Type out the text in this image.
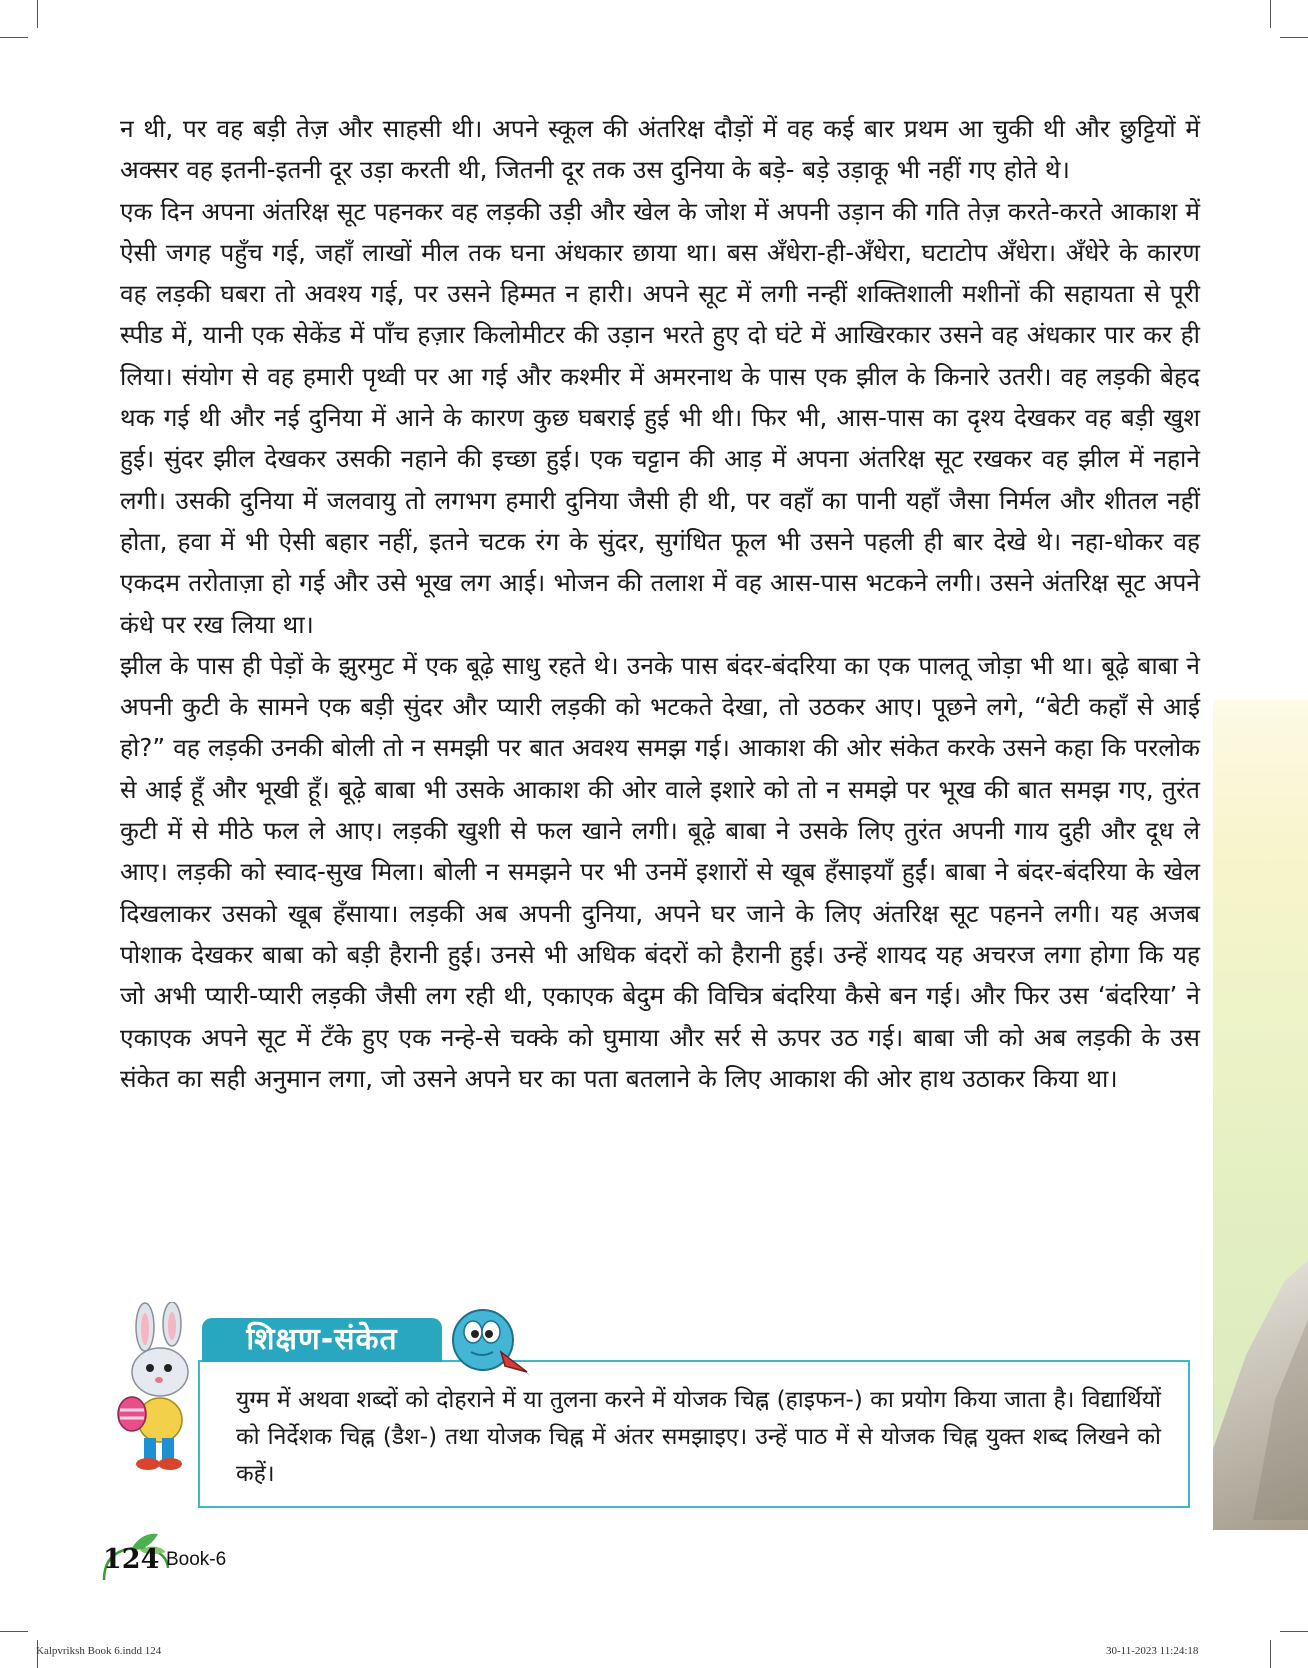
न थी, पर वह बड़ी तेज़ और साहसी थी। अपने स्कूल की अंतरिक्ष दौड़ों में वह कई बार प्रथम आ चुकी थी और छुट्टियों में अक्सर वह इतनी-इतनी दूर उड़ा करती थी, जितनी दूर तक उस दुनिया के बड़े- बड़े उड़ाकू भी नहीं गए होते थे।

एक दिन अपना अंतरिक्ष सूट पहनकर वह लड़की उड़ी और खेल के जोश में अपनी उड़ान की गति तेज़ करते-करते आकाश में ऐसी जगह पहुँच गई, जहाँ लाखों मील तक घना अंधकार छाया था। बस अँधेरा-ही-अँधेरा, घटाटोप अँधेरा। अँधेरे के कारण वह लड़की घबरा तो अवश्य गई, पर उसने हिम्मत न हारी। अपने सूट में लगी नन्हीं शक्तिशाली मशीनों की सहायता से पूरी स्पीड में, यानी एक सेकेंड में पाँच हज़ार किलोमीटर की उड़ान भरते हुए दो घंटे में आखिरकार उसने वह अंधकार पार कर ही लिया। संयोग से वह हमारी पृथ्वी पर आ गई और कश्मीर में अमरनाथ के पास एक झील के किनारे उतरी। वह लड़की बेहद थक गई थी और नई दुनिया में आने के कारण कुछ घबराई हुई भी थी। फिर भी, आस-पास का दृश्य देखकर वह बड़ी खुश हुई। सुंदर झील देखकर उसकी नहाने की इच्छा हुई। एक चट्टान की आड़ में अपना अंतरिक्ष सूट रखकर वह झील में नहाने लगी। उसकी दुनिया में जलवायु तो लगभग हमारी दुनिया जैसी ही थी, पर वहाँ का पानी यहाँ जैसा निर्मल और शीतल नहीं होता, हवा में भी ऐसी बहार नहीं, इतने चटक रंग के सुंदर, सुगंधित फूल भी उसने पहली ही बार देखे थे। नहा-धोकर वह एकदम तरोताज़ा हो गई और उसे भूख लग आई। भोजन की तलाश में वह आस-पास भटकने लगी। उसने अंतरिक्ष सूट अपने कंधे पर रख लिया था।

झील के पास ही पेड़ों के झुरमुट में एक बूढ़े साधु रहते थे। उनके पास बंदर-बंदरिया का एक पालतू जोड़ा भी था। बूढ़े बाबा ने अपनी कुटी के सामने एक बड़ी सुंदर और प्यारी लड़की को भटकते देखा, तो उठकर आए। पूछने लगे, “बेटी कहाँ से आई हो?” वह लड़की उनकी बोली तो न समझी पर बात अवश्य समझ गई। आकाश की ओर संकेत करके उसने कहा कि परलोक से आई हूँ और भूखी हूँ। बूढ़े बाबा भी उसके आकाश की ओर वाले इशारे को तो न समझे पर भूख की बात समझ गए, तुरंत कुटी में से मीठे फल ले आए। लड़की खुशी से फल खाने लगी। बूढ़े बाबा ने उसके लिए तुरंत अपनी गाय दुही और दूध ले आए। लड़की को स्वाद-सुख मिला। बोली न समझने पर भी उनमें इशारों से खूब हँसाइयाँ हुईं। बाबा ने बंदर-बंदरिया के खेल दिखलाकर उसको खूब हँसाया। लड़की अब अपनी दुनिया, अपने घर जाने के लिए अंतरिक्ष सूट पहनने लगी। यह अजब पोशाक देखकर बाबा को बड़ी हैरानी हुई। उनसे भी अधिक बंदरों को हैरानी हुई। उन्हें शायद यह अचरज लगा होगा कि यह जो अभी प्यारी-प्यारी लड़की जैसी लग रही थी, एकाएक बेदुम की विचित्र बंदरिया कैसे बन गई। और फिर उस ‘बंदरिया’ ने एकाएक अपने सूट में टँके हुए एक नन्हे-से चक्के को घुमाया और सर्र से ऊपर उठ गई। बाबा जी को अब लड़की के उस संकेत का सही अनुमान लगा, जो उसने अपने घर का पता बतलाने के लिए आकाश की ओर हाथ उठाकर किया था।

युग्म में अथवा शब्दों को दोहराने में या तुलना करने में योजक चिह्न (हाइफन-) का प्रयोग किया जाता है। विद्यार्थियों को निर्देशक चिह्न (डैश-) तथा योजक चिह्न में अंतर समझाइए। उन्हें पाठ में से योजक चिह्न युक्त शब्द लिखने को कहें।

शिक्षण-संकेत
124 Book-6
Kalpvriksh Book 6.indd 124	30-11-2023 11:24:18
